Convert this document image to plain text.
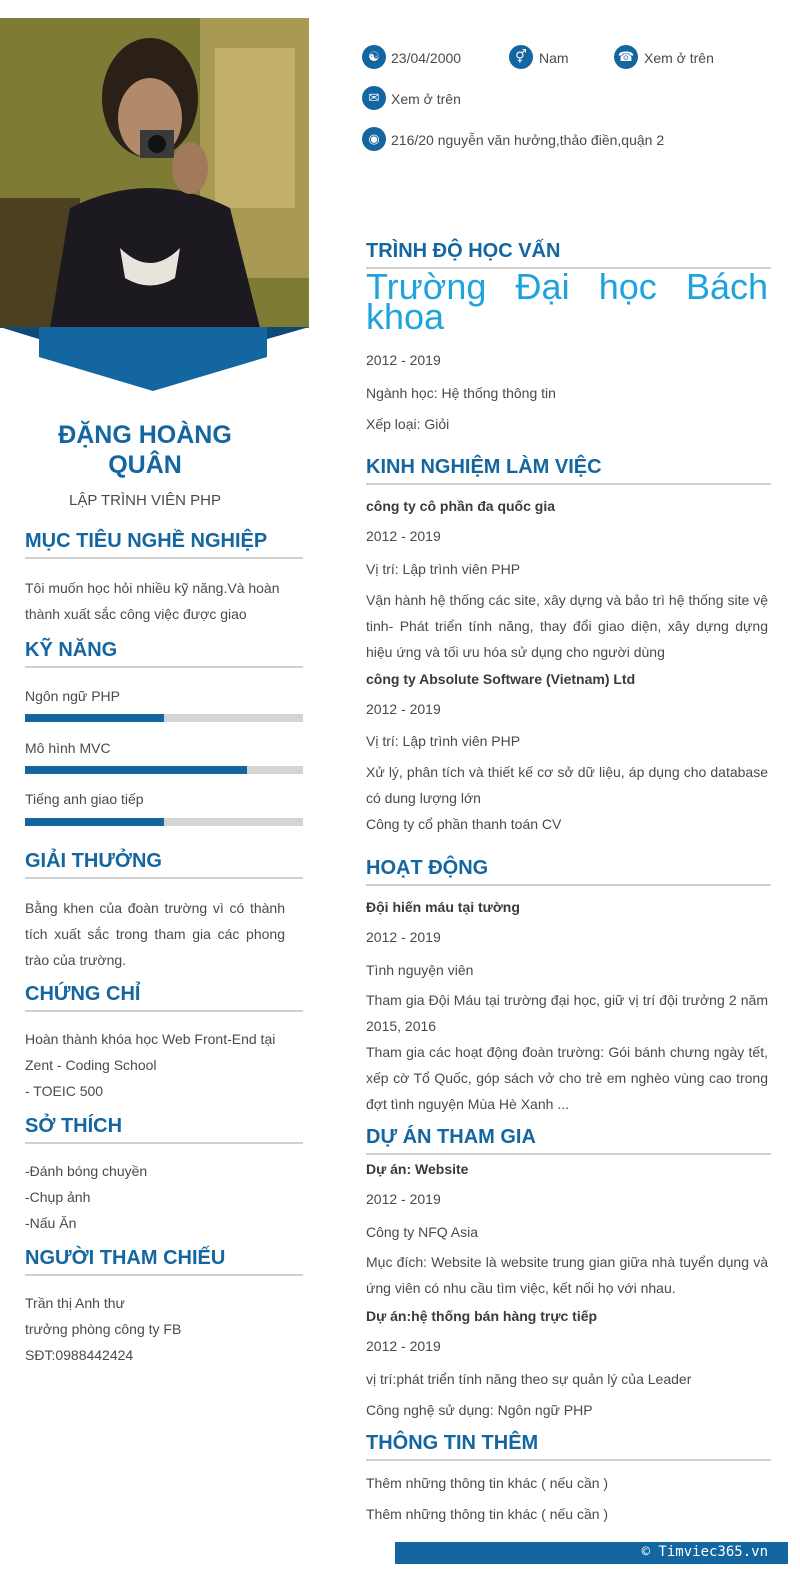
ĐẶNG HOÀNG QUÂN
LẬP TRÌNH VIÊN PHP
☯ 23/04/2000	⚥ Nam	☎ Xem ở trên
✉ Xem ở trên
◉ 216/20 nguyễn văn hưởng,thảo điền,quận 2
MỤC TIÊU NGHỀ NGHIỆP
Tôi muốn học hỏi nhiều kỹ năng.Và hoàn thành xuất sắc công việc được giao
KỸ NĂNG
Ngôn ngữ PHP
Mô hình MVC
Tiếng anh giao tiếp
GIẢI THƯỞNG
Bằng khen của đoàn trường vì có thành tích xuất sắc trong tham gia các phong trào của trường.
CHỨNG CHỈ
Hoàn thành khóa học Web Front-End tại Zent - Coding School
- TOEIC 500
SỞ THÍCH
-Đánh bóng chuyền
-Chụp ảnh
-Nấu Ăn
NGƯỜI THAM CHIẾU
Trần thị Anh thư
trưởng phòng công ty FB
SĐT:0988442424
TRÌNH ĐỘ HỌC VẤN
Trường Đại học Bách khoa
2012 - 2019
Ngành học: Hệ thống thông tin
Xếp loại: Giỏi
KINH NGHIỆM LÀM VIỆC
công ty cô phần đa quốc gia
2012 - 2019
Vị trí: Lập trình viên PHP
Vận hành hệ thống các site, xây dựng và bảo trì hệ thống site vệ tinh- Phát triển tính năng, thay đổi giao diện, xây dựng dựng hiệu ứng và tối ưu hóa sử dụng cho người dùng
công ty Absolute Software (Vietnam) Ltd
2012 - 2019
Vị trí: Lập trình viên PHP
Xử lý, phân tích và thiết kế cơ sở dữ liệu, áp dụng cho database có dung lượng lớn
Công ty cổ phần thanh toán CV
HOẠT ĐỘNG
Đội hiến máu tại tường
2012 - 2019
Tình nguyện viên
Tham gia Đội Máu tại trường đại học, giữ vị trí đội trưởng 2 năm 2015, 2016
Tham gia các hoạt động đoàn trường: Gói bánh chưng ngày tết, xếp cờ Tổ Quốc, góp sách vở cho trẻ em nghèo vùng cao trong đợt tình nguyện Mùa Hè Xanh ...
DỰ ÁN THAM GIA
Dự án: Website
2012 - 2019
Công ty NFQ Asia
Mục đích: Website là website trung gian giữa nhà tuyển dụng và ứng viên có nhu cầu tìm việc, kết nối họ với nhau.
Dự án:hệ thống bán hàng trực tiếp
2012 - 2019
vị trí:phát triển tính năng theo sự quản lý của Leader
Công nghệ sử dụng: Ngôn ngữ PHP
THÔNG TIN THÊM
Thêm những thông tin khác ( nếu cần )
Thêm những thông tin khác ( nếu cần )
© Timviec365.vn
